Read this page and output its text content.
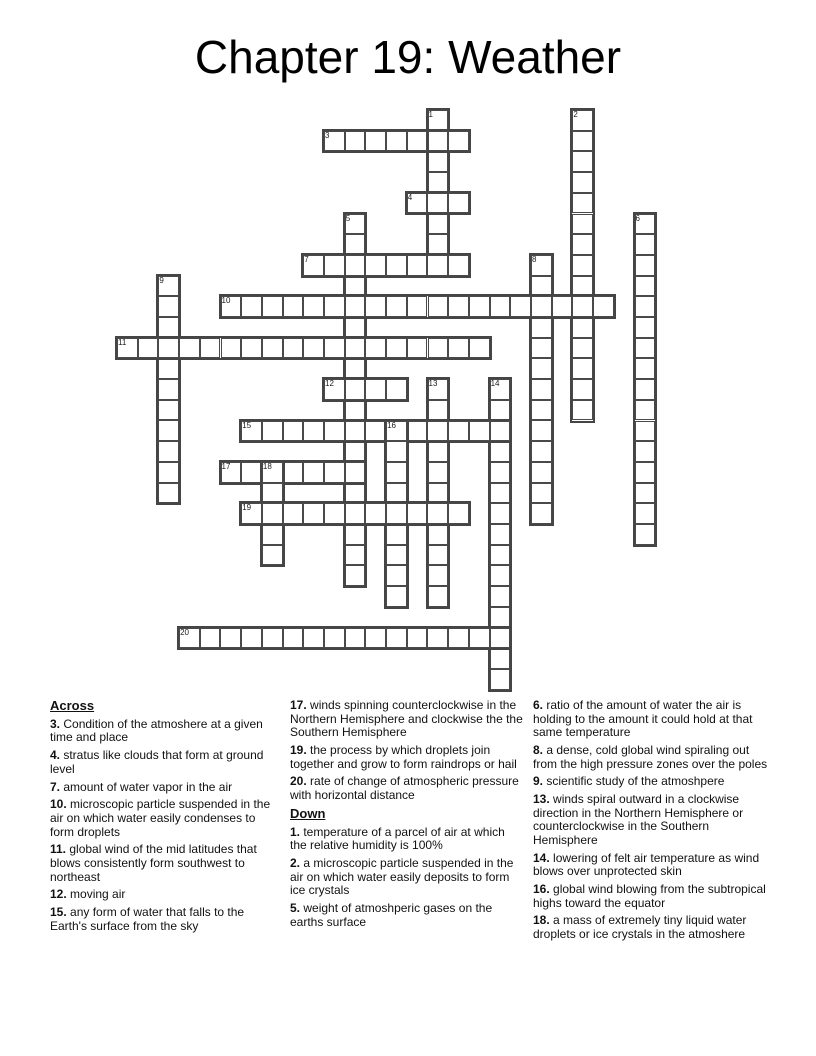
Chapter 19: Weather
1	2
3
4
5	6
7	8
9
10
11
12	13	14
15	16
17	18
19
20
Across
3. Condition of the atmoshere at a given time and place
4. stratus like clouds that form at ground level
7. amount of water vapor in the air
10. microscopic particle suspended in the air on which water easily condenses to form droplets
11. global wind of the mid latitudes that blows consistently form southwest to northeast
12. moving air
15. any form of water that falls to the Earth's surface from the sky
17. winds spinning counterclockwise in the Northern Hemisphere and clockwise the the Southern Hemisphere
19. the process by which droplets join together and grow to form raindrops or hail
20. rate of change of atmospheric pressure with horizontal distance
Down
1. temperature of a parcel of air at which the relative humidity is 100%
2. a microscopic particle suspended in the air on which water easily deposits to form ice crystals
5. weight of atmoshperic gases on the earths surface
6. ratio of the amount of water the air is holding to the amount it could hold at that same temperature
8. a dense, cold global wind spiraling out from the high pressure zones over the poles
9. scientific study of the atmoshpere
13. winds spiral outward in a clockwise direction in the Northern Hemisphere or counterclockwise in the Southern Hemisphere
14. lowering of felt air temperature as wind blows over unprotected skin
16. global wind blowing from the subtropical highs toward the equator
18. a mass of extremely tiny liquid water droplets or ice crystals in the atmoshere
